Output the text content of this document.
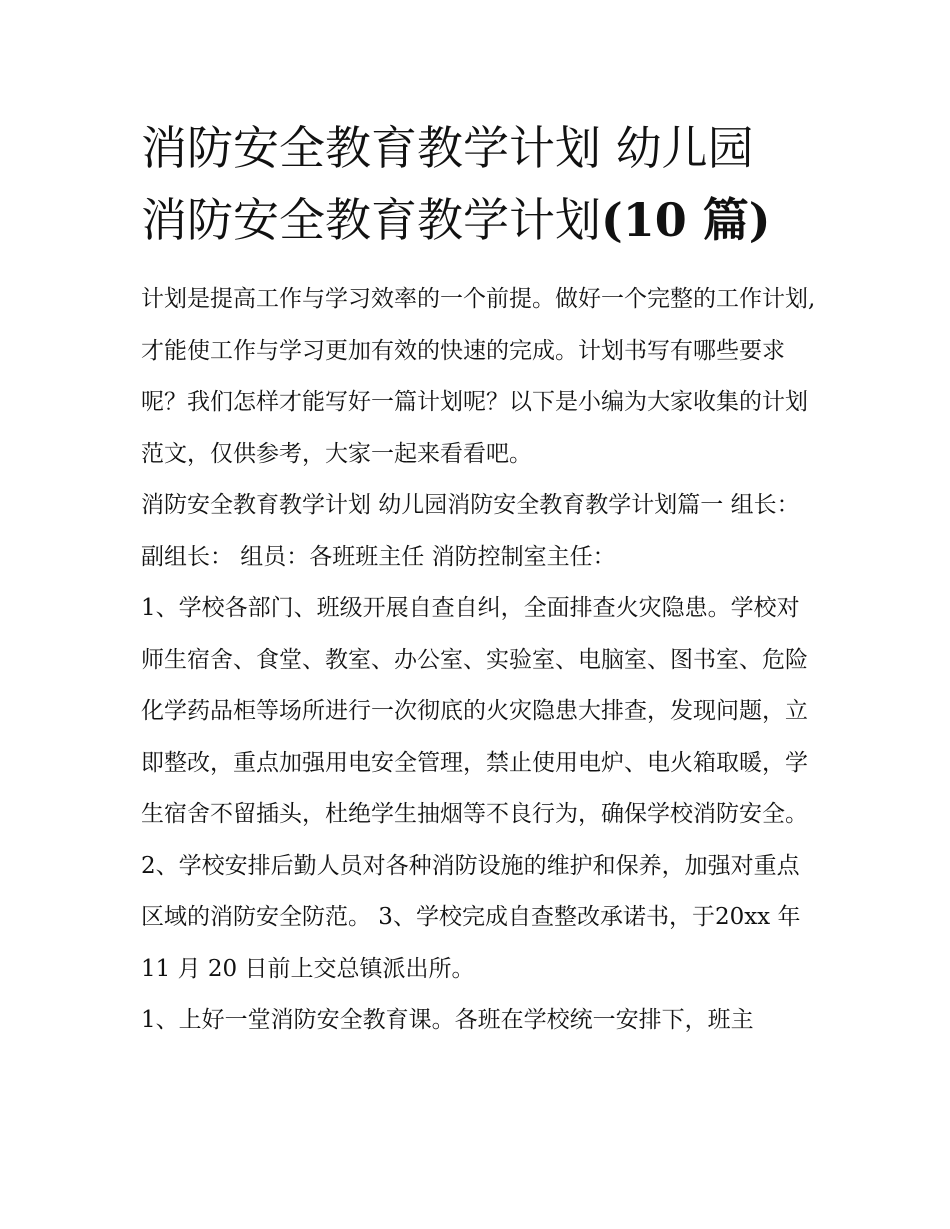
消防安全教育教学计划 幼儿园
消防安全教育教学计划(10 篇)

计划是提高工作与学习效率的一个前提。做好一个完整的工作计划,才能使工作与学习更加有效的快速的完成。计划书写有哪些要求呢？我们怎样才能写好一篇计划呢？以下是小编为大家收集的计划范文，仅供参考，大家一起来看看吧。

消防安全教育教学计划 幼儿园消防安全教育教学计划篇一 组长： 副组长： 组员：各班班主任 消防控制室主任：

1、学校各部门、班级开展自查自纠，全面排查火灾隐患。学校对师生宿舍、食堂、教室、办公室、实验室、电脑室、图书室、危险化学药品柜等场所进行一次彻底的火灾隐患大排查，发现问题，立即整改，重点加强用电安全管理，禁止使用电炉、电火箱取暖，学生宿舍不留插头，杜绝学生抽烟等不良行为，确保学校消防安全。

2、学校安排后勤人员对各种消防设施的维护和保养，加强对重点区域的消防安全防范。 3、学校完成自查整改承诺书，于20xx 年 11 月 20 日前上交总镇派出所。

1、上好一堂消防安全教育课。各班在学校统一安排下，班主
